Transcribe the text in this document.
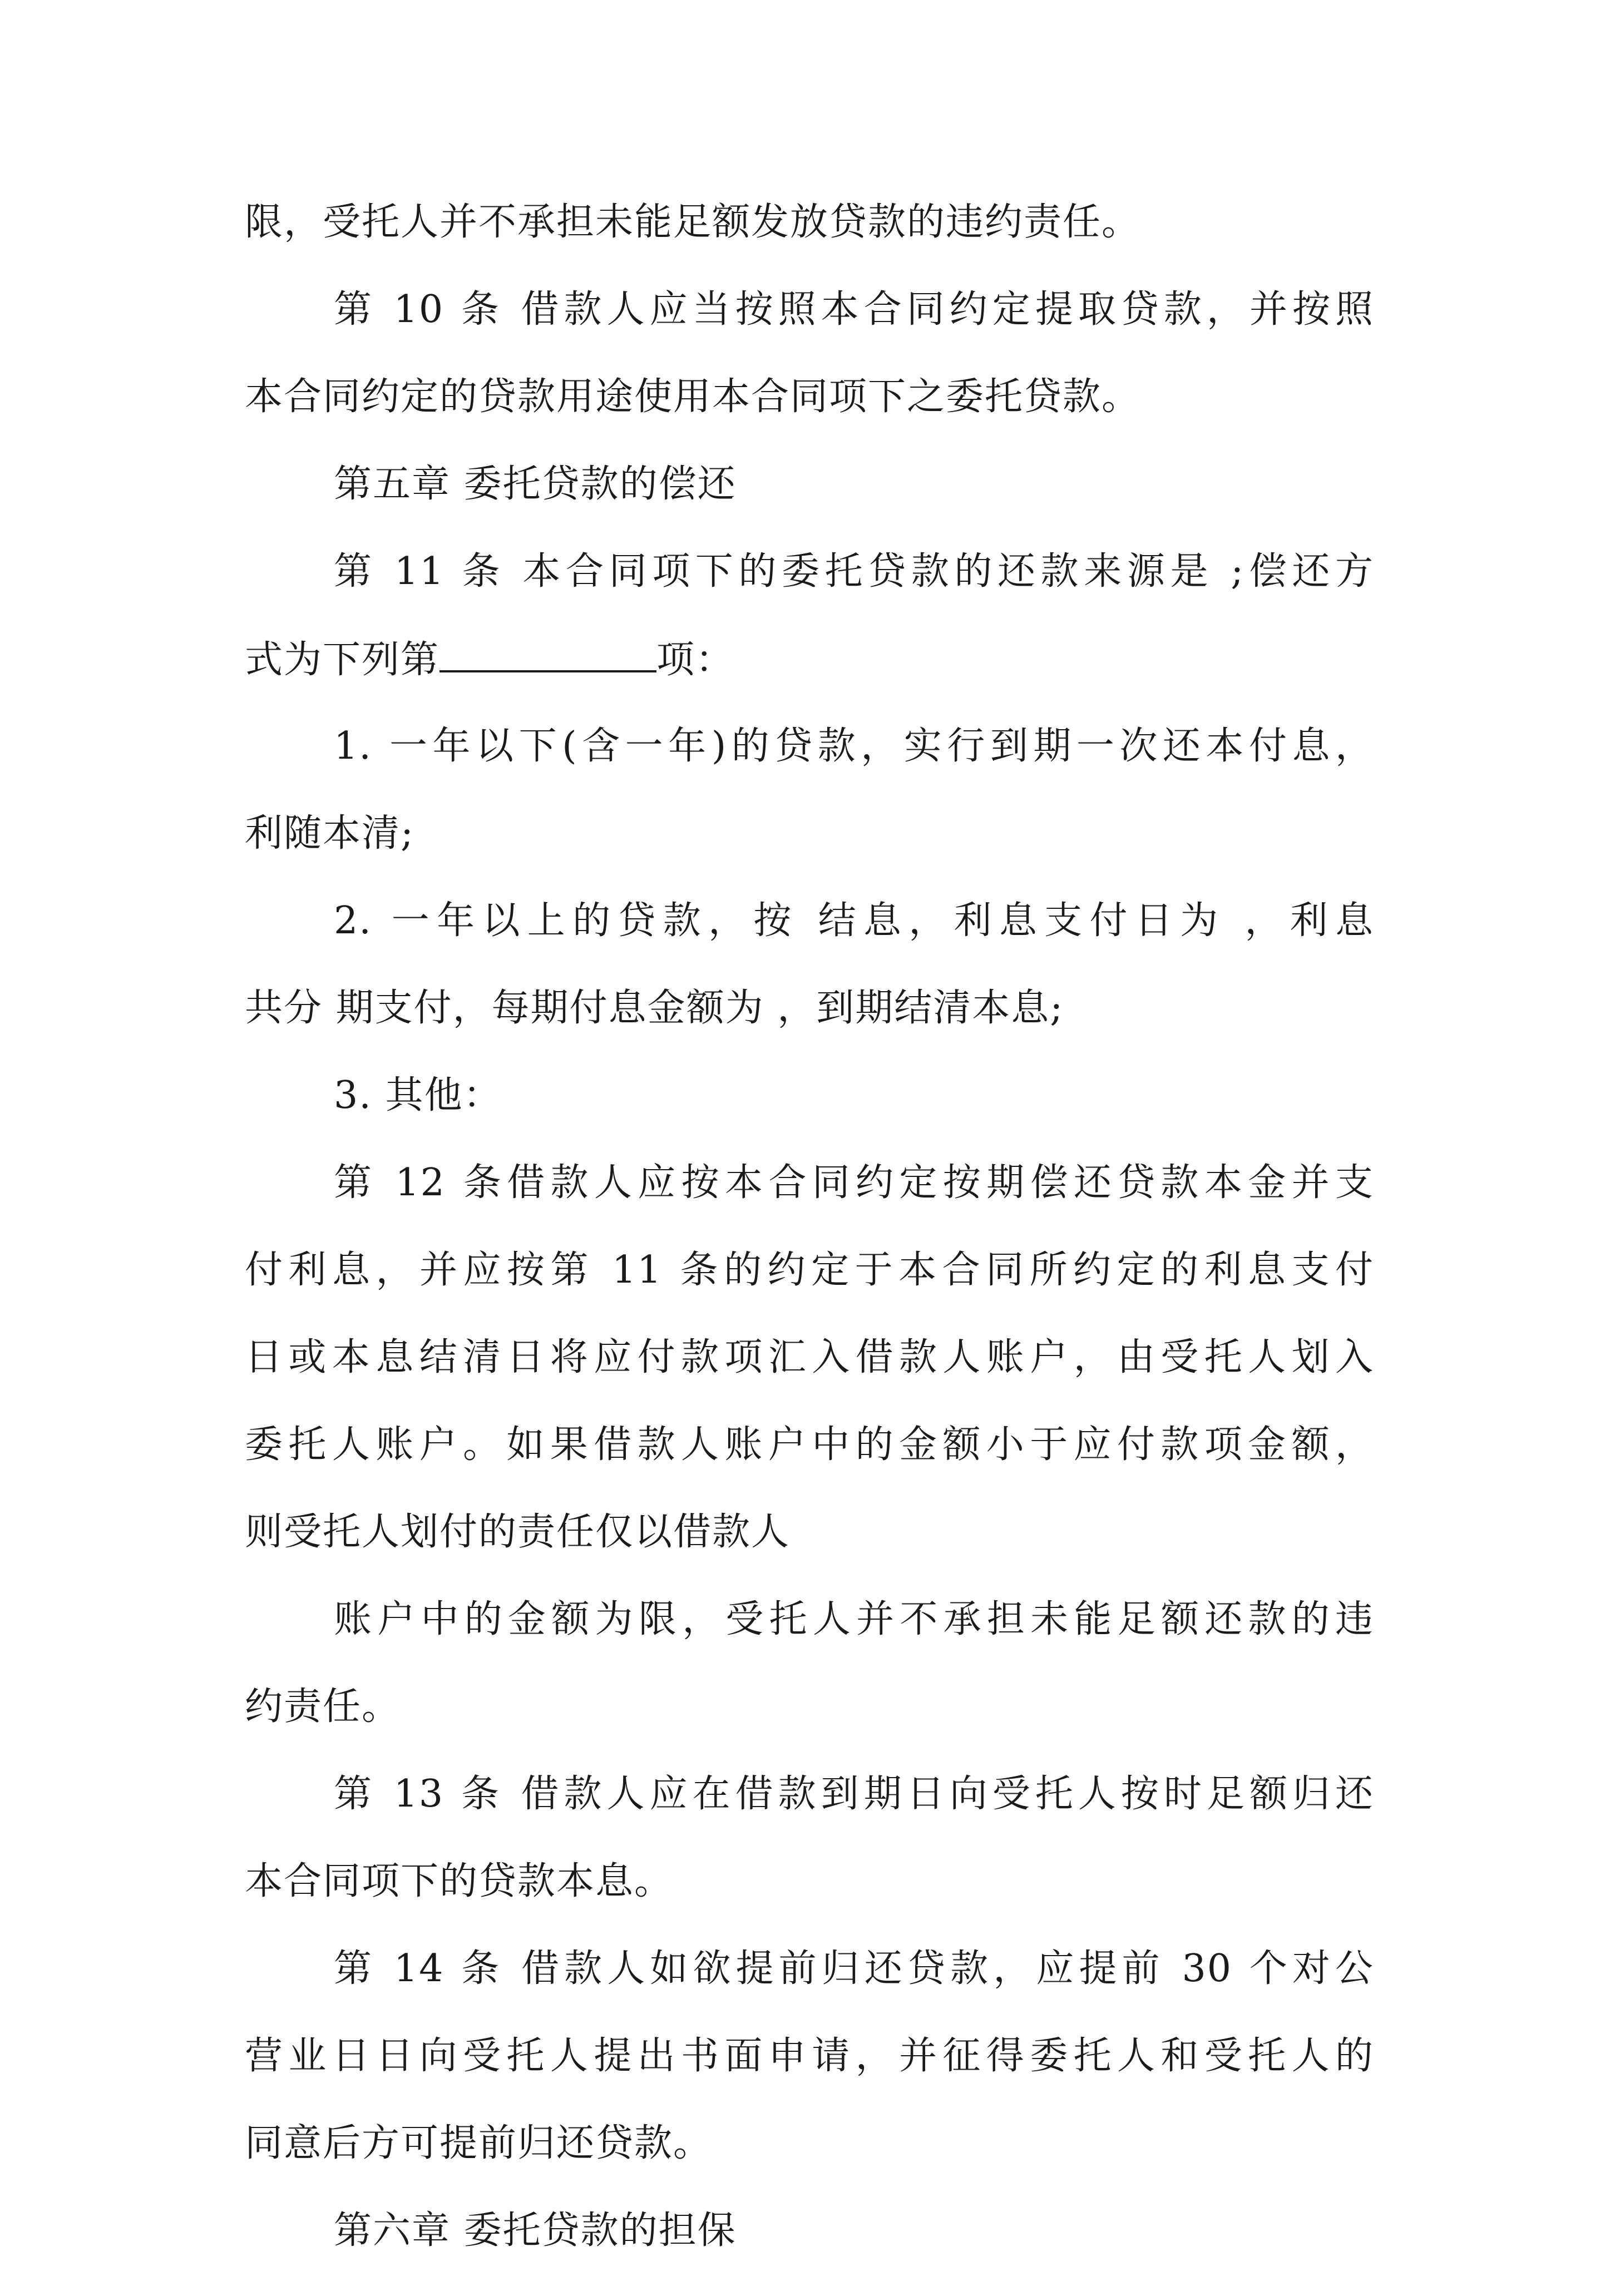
限，受托人并不承担未能足额发放贷款的违约责任。
第 10 条 借款人应当按照本合同约定提取贷款，并按照
本合同约定的贷款用途使用本合同项下之委托贷款。
第五章 委托贷款的偿还
第 11 条 本合同项下的委托贷款的还款来源是 ;偿还方
式为下列第	项：
1. 一年以下(含一年)的贷款，实行到期一次还本付息，
利随本清;
2. 一年以上的贷款，按 结息，利息支付日为 ，利息
共分 期支付，每期付息金额为 ，到期结清本息;
3. 其他：
第 12 条借款人应按本合同约定按期偿还贷款本金并支
付利息，并应按第 11 条的约定于本合同所约定的利息支付
日或本息结清日将应付款项汇入借款人账户，由受托人划入
委托人账户。如果借款人账户中的金额小于应付款项金额，
则受托人划付的责任仅以借款人
账户中的金额为限，受托人并不承担未能足额还款的违
约责任。
第 13 条 借款人应在借款到期日向受托人按时足额归还
本合同项下的贷款本息。
第 14 条 借款人如欲提前归还贷款，应提前 30 个对公
营业日日向受托人提出书面申请，并征得委托人和受托人的
同意后方可提前归还贷款。
第六章 委托贷款的担保
